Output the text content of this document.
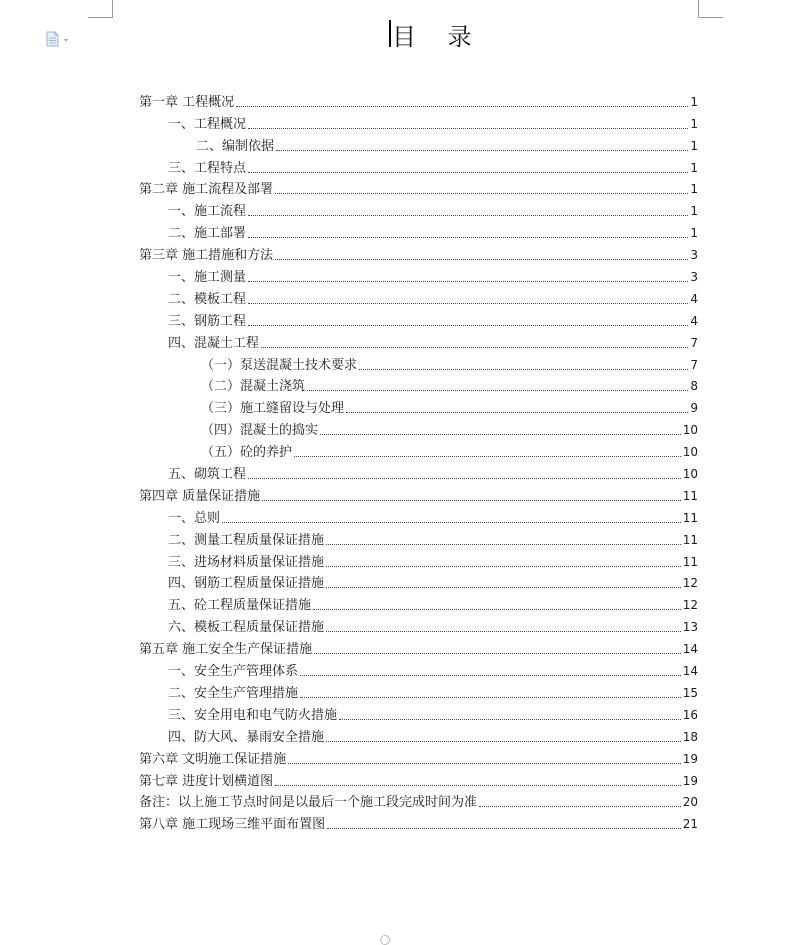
目 录
第一章 工程概况	1
一、工程概况	1
二、编制依据	1
三、工程特点	1
第二章 施工流程及部署	1
一、施工流程	1
二、施工部署	1
第三章 施工措施和方法	3
一、施工测量	3
二、模板工程	4
三、钢筋工程	4
四、混凝土工程	7
（一）泵送混凝土技术要求	7
（二）混凝土浇筑	8
（三）施工缝留设与处理	9
（四）混凝土的捣实	10
（五）砼的养护	10
五、砌筑工程	10
第四章 质量保证措施	11
一、总则	11
二、测量工程质量保证措施	11
三、进场材料质量保证措施	11
四、钢筋工程质量保证措施	12
五、砼工程质量保证措施	12
六、模板工程质量保证措施	13
第五章 施工安全生产保证措施	14
一、安全生产管理体系	14
二、安全生产管理措施	15
三、安全用电和电气防火措施	16
四、防大风、暴雨安全措施	18
第六章 文明施工保证措施	19
第七章 进度计划横道图	19
备注：以上施工节点时间是以最后一个施工段完成时间为准	20
第八章 施工现场三维平面布置图	21
